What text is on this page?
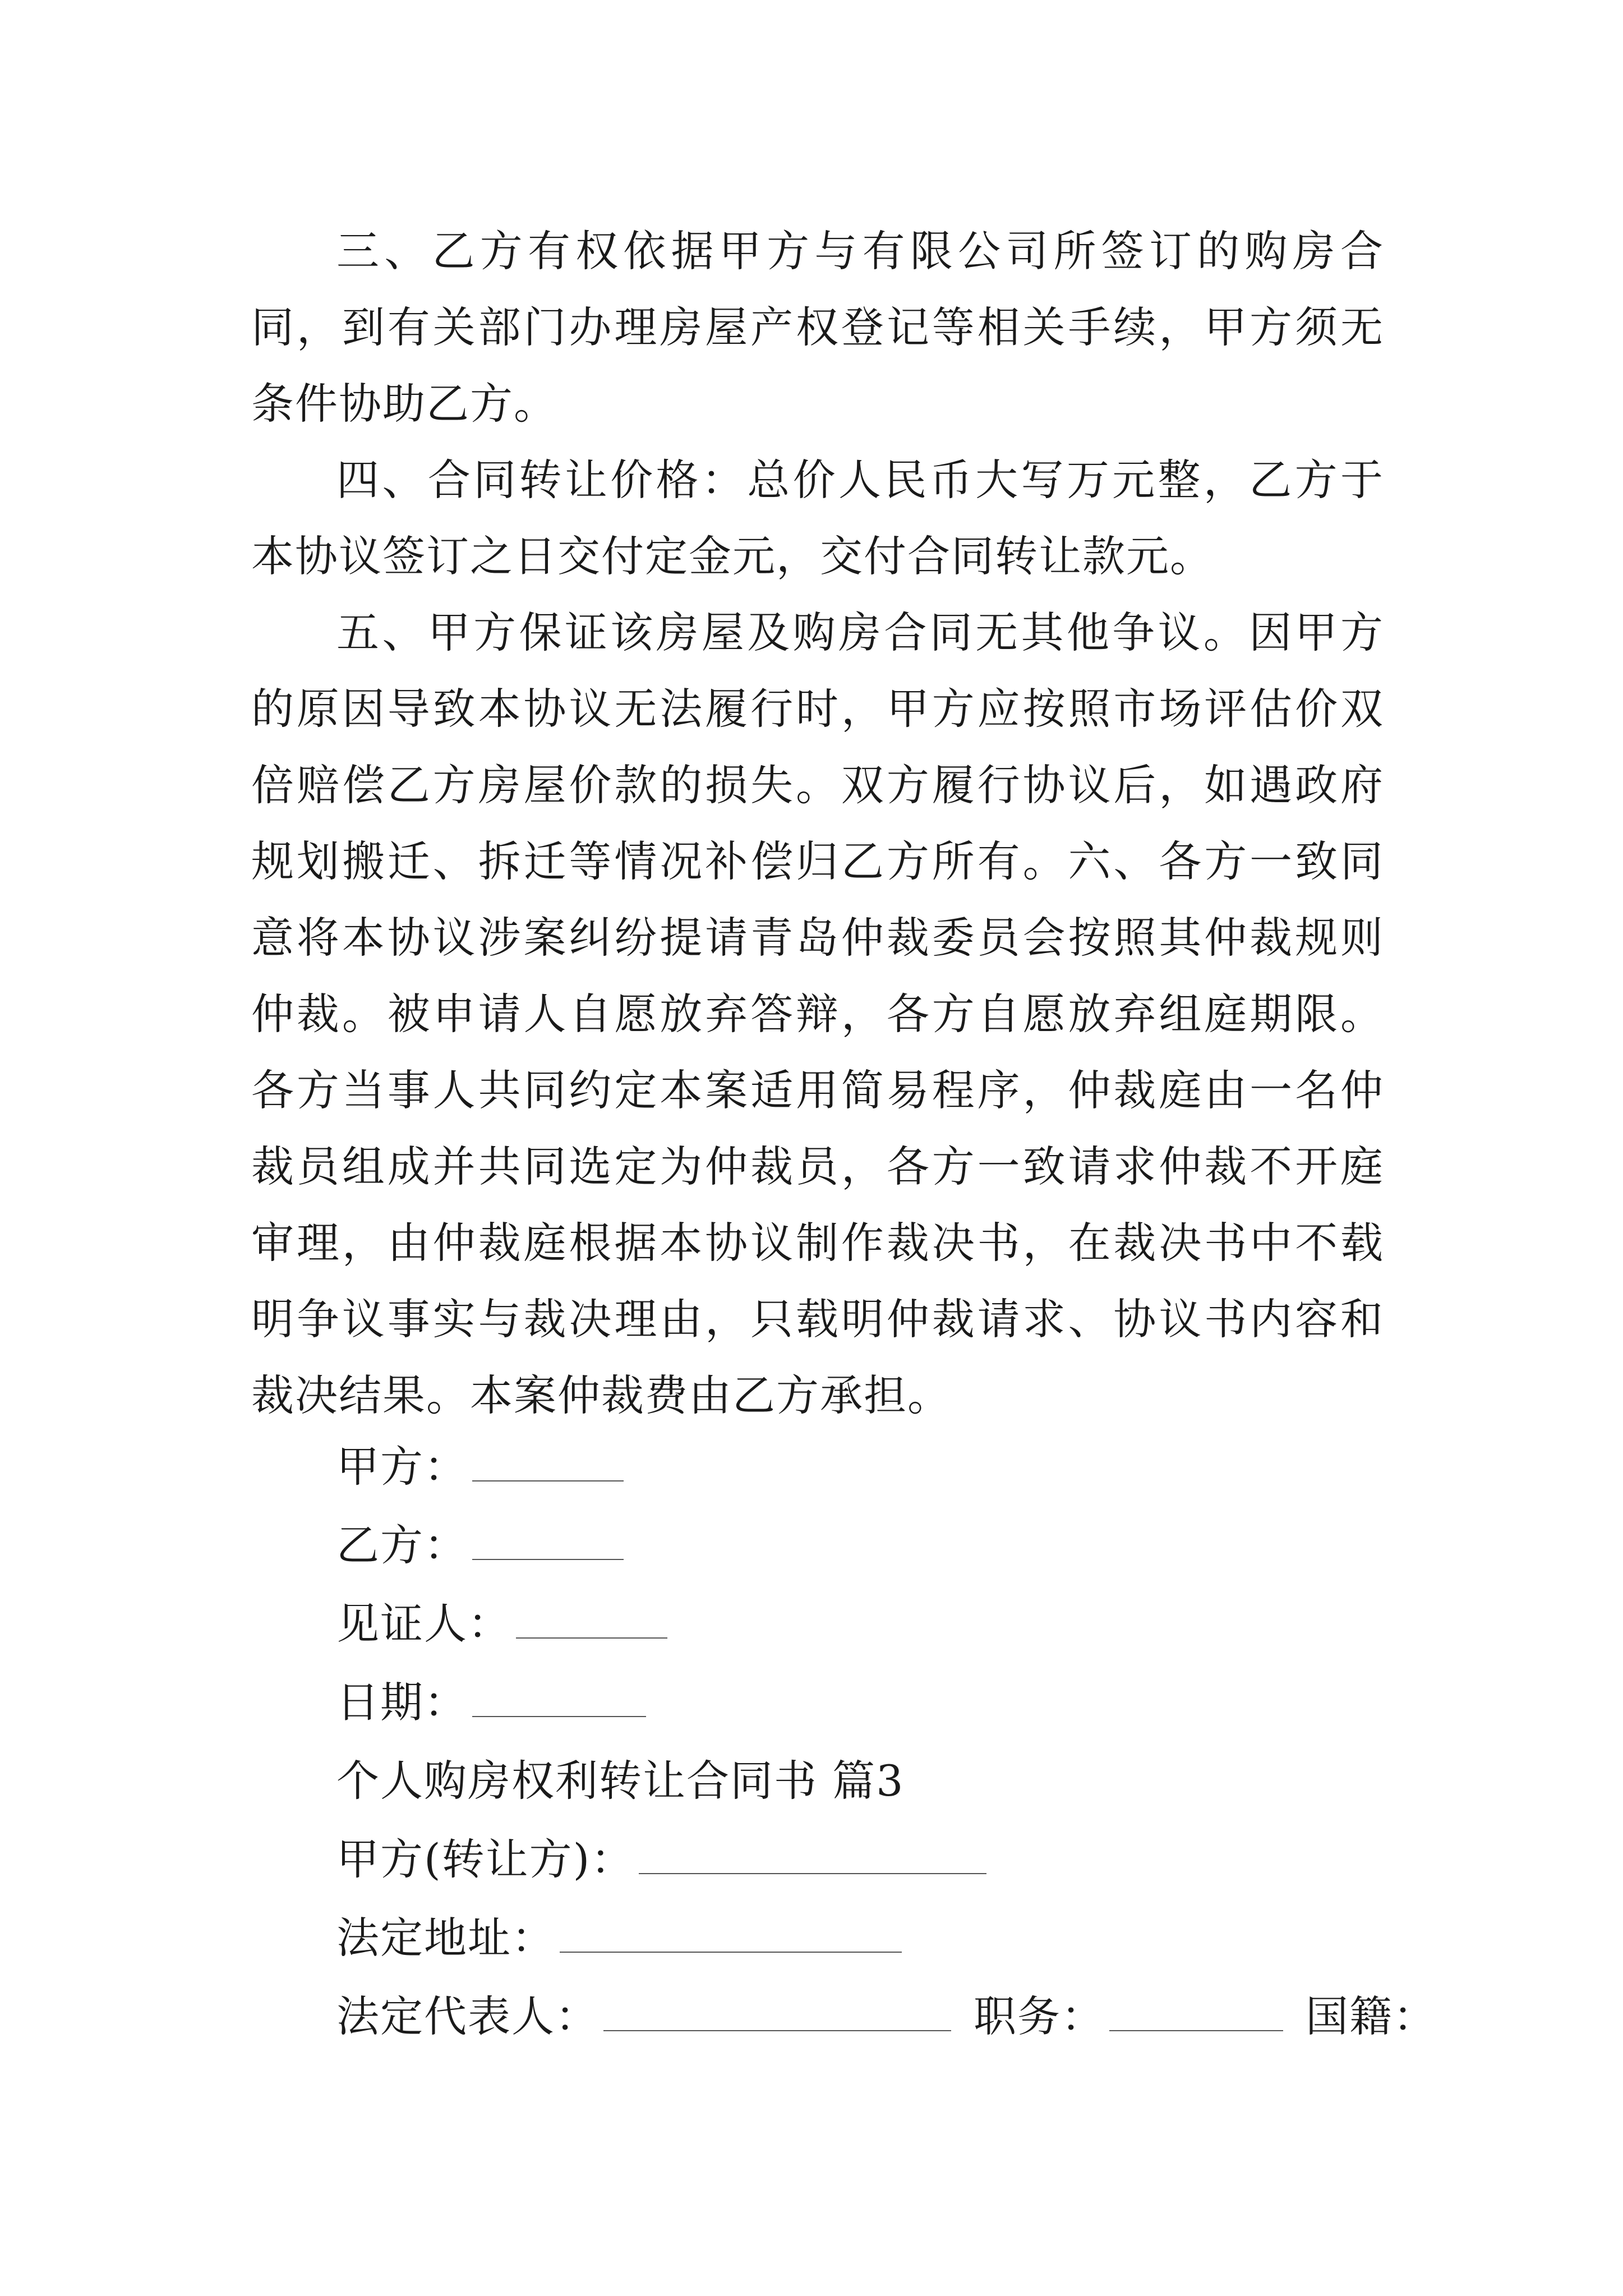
三、乙方有权依据甲方与有限公司所签订的购房合同，到有关部门办理房屋产权登记等相关手续，甲方须无条件协助乙方。

四、合同转让价格：总价人民币大写万元整，乙方于本协议签订之日交付定金元，交付合同转让款元。

五、甲方保证该房屋及购房合同无其他争议。因甲方的原因导致本协议无法履行时，甲方应按照市场评估价双倍赔偿乙方房屋价款的损失。双方履行协议后，如遇政府规划搬迁、拆迁等情况补偿归乙方所有。六、各方一致同意将本协议涉案纠纷提请青岛仲裁委员会按照其仲裁规则仲裁。被申请人自愿放弃答辩，各方自愿放弃组庭期限。各方当事人共同约定本案适用简易程序，仲裁庭由一名仲裁员组成并共同选定为仲裁员，各方一致请求仲裁不开庭审理，由仲裁庭根据本协议制作裁决书，在裁决书中不载明争议事实与裁决理由，只载明仲裁请求、协议书内容和裁决结果。本案仲裁费由乙方承担。

甲方：
乙方：
见证人：
日期：
个人购房权利转让合同书 篇3
甲方(转让方)：
法定地址：
法定代表人：	职务：	国籍：
